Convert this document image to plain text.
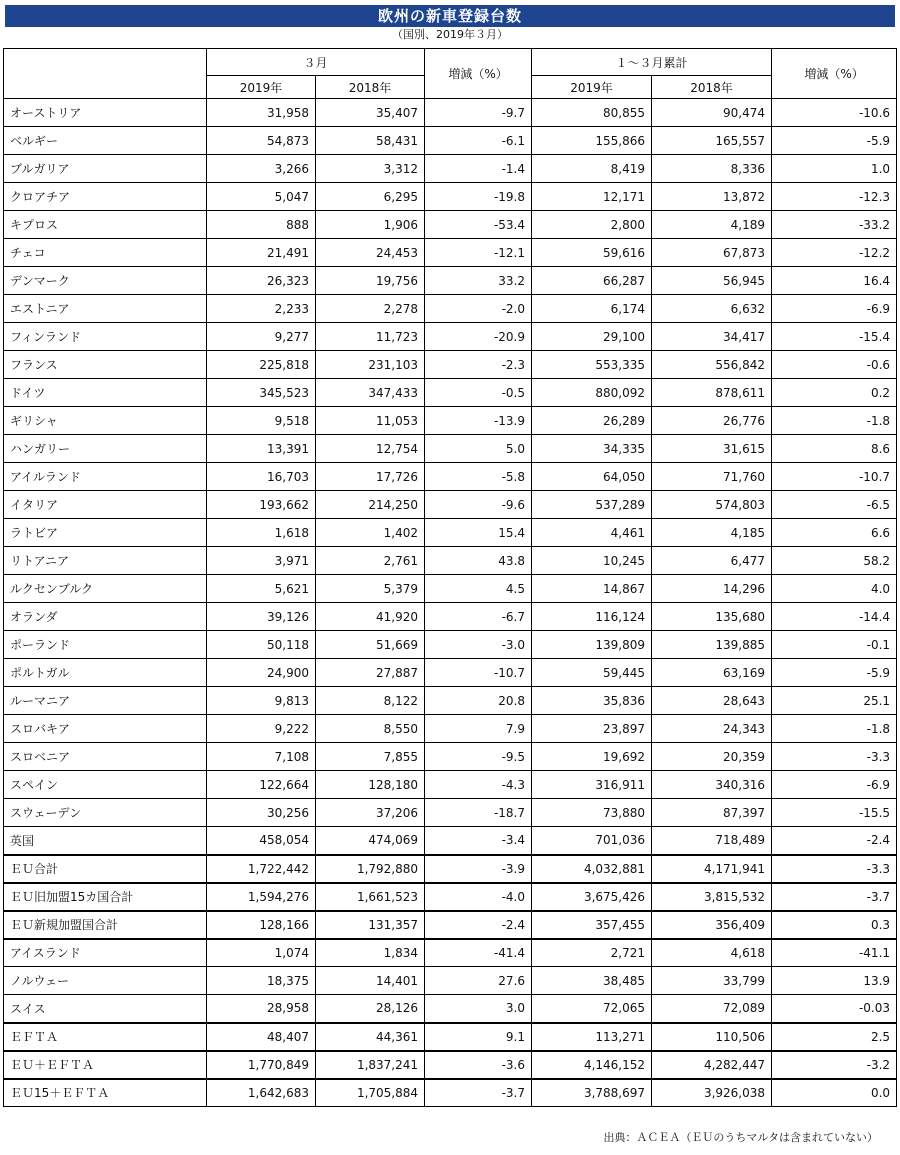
欧州の新車登録台数
（国別、2019年３月）
	３月		増減（%）	１～３月累計		増減（%）
	2019年	2018年		2019年	2018年	
オーストリア	31,958	35,407	-9.7	80,855	90,474	-10.6
ベルギー	54,873	58,431	-6.1	155,866	165,557	-5.9
ブルガリア	3,266	3,312	-1.4	8,419	8,336	1.0
クロアチア	5,047	6,295	-19.8	12,171	13,872	-12.3
キプロス	888	1,906	-53.4	2,800	4,189	-33.2
チェコ	21,491	24,453	-12.1	59,616	67,873	-12.2
デンマーク	26,323	19,756	33.2	66,287	56,945	16.4
エストニア	2,233	2,278	-2.0	6,174	6,632	-6.9
フィンランド	9,277	11,723	-20.9	29,100	34,417	-15.4
フランス	225,818	231,103	-2.3	553,335	556,842	-0.6
ドイツ	345,523	347,433	-0.5	880,092	878,611	0.2
ギリシャ	9,518	11,053	-13.9	26,289	26,776	-1.8
ハンガリー	13,391	12,754	5.0	34,335	31,615	8.6
アイルランド	16,703	17,726	-5.8	64,050	71,760	-10.7
イタリア	193,662	214,250	-9.6	537,289	574,803	-6.5
ラトビア	1,618	1,402	15.4	4,461	4,185	6.6
リトアニア	3,971	2,761	43.8	10,245	6,477	58.2
ルクセンブルク	5,621	5,379	4.5	14,867	14,296	4.0
オランダ	39,126	41,920	-6.7	116,124	135,680	-14.4
ポーランド	50,118	51,669	-3.0	139,809	139,885	-0.1
ポルトガル	24,900	27,887	-10.7	59,445	63,169	-5.9
ルーマニア	9,813	8,122	20.8	35,836	28,643	25.1
スロバキア	9,222	8,550	7.9	23,897	24,343	-1.8
スロベニア	7,108	7,855	-9.5	19,692	20,359	-3.3
スペイン	122,664	128,180	-4.3	316,911	340,316	-6.9
スウェーデン	30,256	37,206	-18.7	73,880	87,397	-15.5
英国	458,054	474,069	-3.4	701,036	718,489	-2.4
ＥＵ合計	1,722,442	1,792,880	-3.9	4,032,881	4,171,941	-3.3
ＥＵ旧加盟15カ国合計	1,594,276	1,661,523	-4.0	3,675,426	3,815,532	-3.7
ＥＵ新規加盟国合計	128,166	131,357	-2.4	357,455	356,409	0.3
アイスランド	1,074	1,834	-41.4	2,721	4,618	-41.1
ノルウェー	18,375	14,401	27.6	38,485	33,799	13.9
スイス	28,958	28,126	3.0	72,065	72,089	-0.03
ＥＦＴＡ	48,407	44,361	9.1	113,271	110,506	2.5
ＥＵ＋ＥＦＴＡ	1,770,849	1,837,241	-3.6	4,146,152	4,282,447	-3.2
ＥＵ15＋ＥＦＴＡ	1,642,683	1,705,884	-3.7	3,788,697	3,926,038	0.0
出典：ＡＣＥＡ（ＥＵのうちマルタは含まれていない）
